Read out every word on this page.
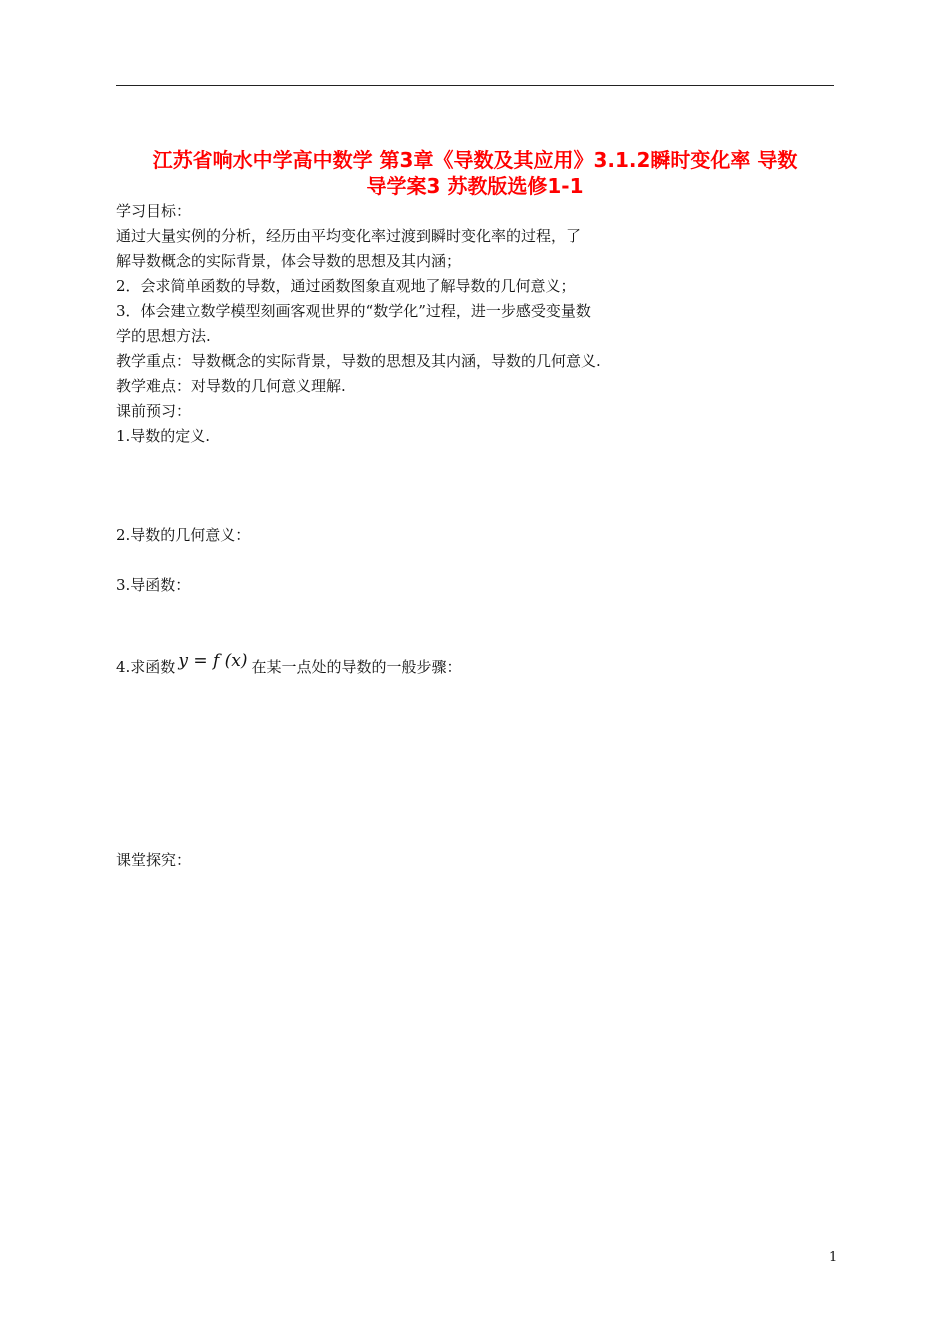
江苏省响水中学高中数学 第3章《导数及其应用》3.1.2瞬时变化率 导数
导学案3 苏教版选修1-1
学习目标：
通过大量实例的分析，经历由平均变化率过渡到瞬时变化率的过程，了
解导数概念的实际背景，体会导数的思想及其内涵；
2．会求简单函数的导数，通过函数图象直观地了解导数的几何意义；
3．体会建立数学模型刻画客观世界的“数学化”过程，进一步感受变量数
学的思想方法.
教学重点：导数概念的实际背景，导数的思想及其内涵，导数的几何意义.
教学难点：对导数的几何意义理解.
课前预习：
1.导数的定义.
2.导数的几何意义：
3.导函数：
4.求函数 y = f (x) 在某一点处的导数的一般步骤：
课堂探究：
1
